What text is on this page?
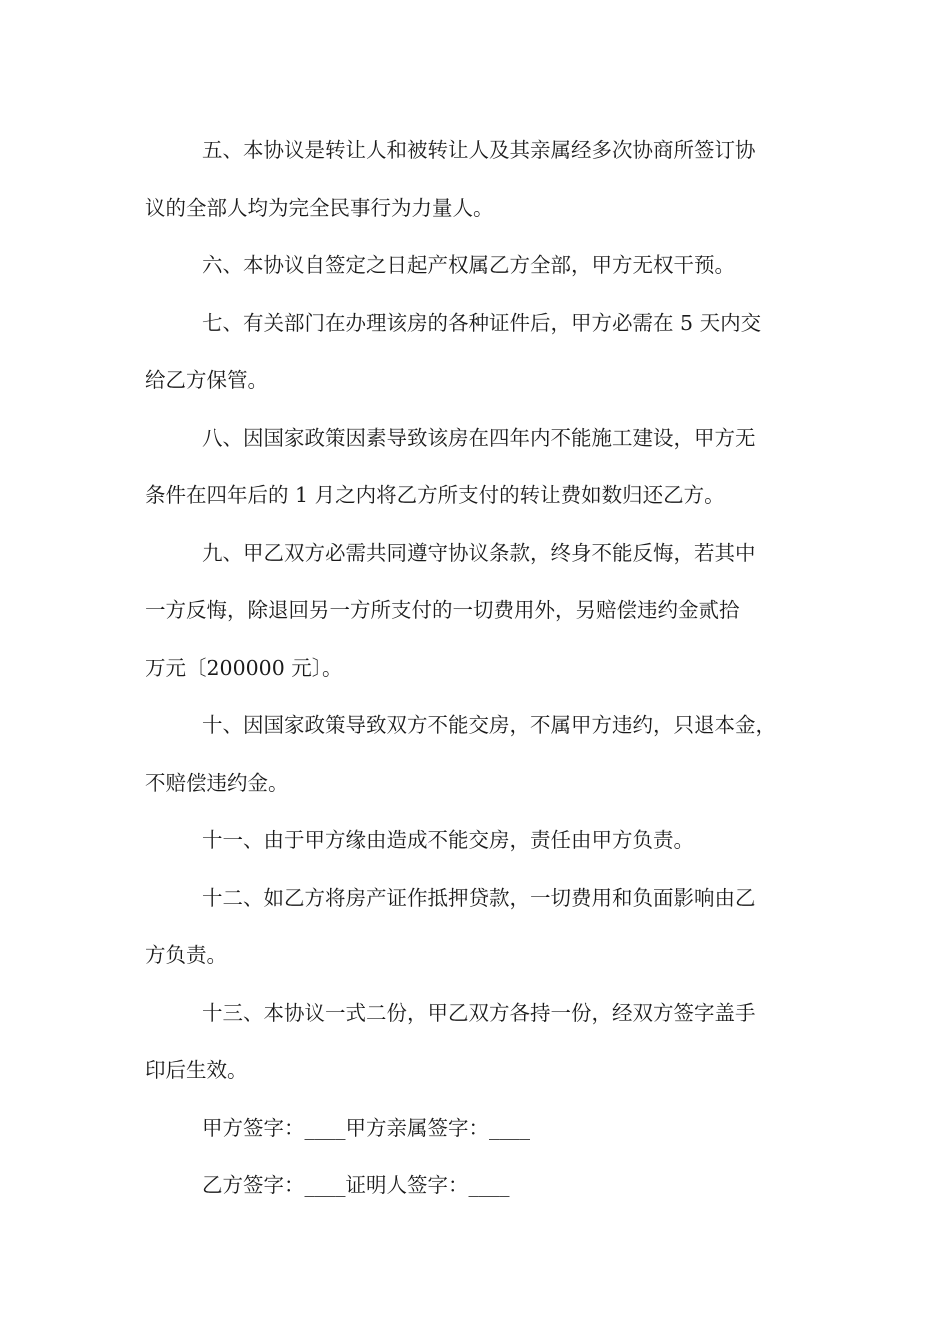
五、本协议是转让人和被转让人及其亲属经多次协商所签订协
议的全部人均为完全民事行为力量人。
六、本协议自签定之日起产权属乙方全部，甲方无权干预。
七、有关部门在办理该房的各种证件后，甲方必需在 5 天内交
给乙方保管。
八、因国家政策因素导致该房在四年内不能施工建设，甲方无
条件在四年后的 1 月之内将乙方所支付的转让费如数归还乙方。
九、甲乙双方必需共同遵守协议条款，终身不能反悔，若其中
一方反悔，除退回另一方所支付的一切费用外，另赔偿违约金贰拾
万元〔200000 元〕。
十、因国家政策导致双方不能交房，不属甲方违约，只退本金，
不赔偿违约金。
十一、由于甲方缘由造成不能交房，责任由甲方负责。
十二、如乙方将房产证作抵押贷款，一切费用和负面影响由乙
方负责。
十三、本协议一式二份，甲乙双方各持一份，经双方签字盖手
印后生效。
甲方签字：____甲方亲属签字：____
乙方签字：____证明人签字：____
